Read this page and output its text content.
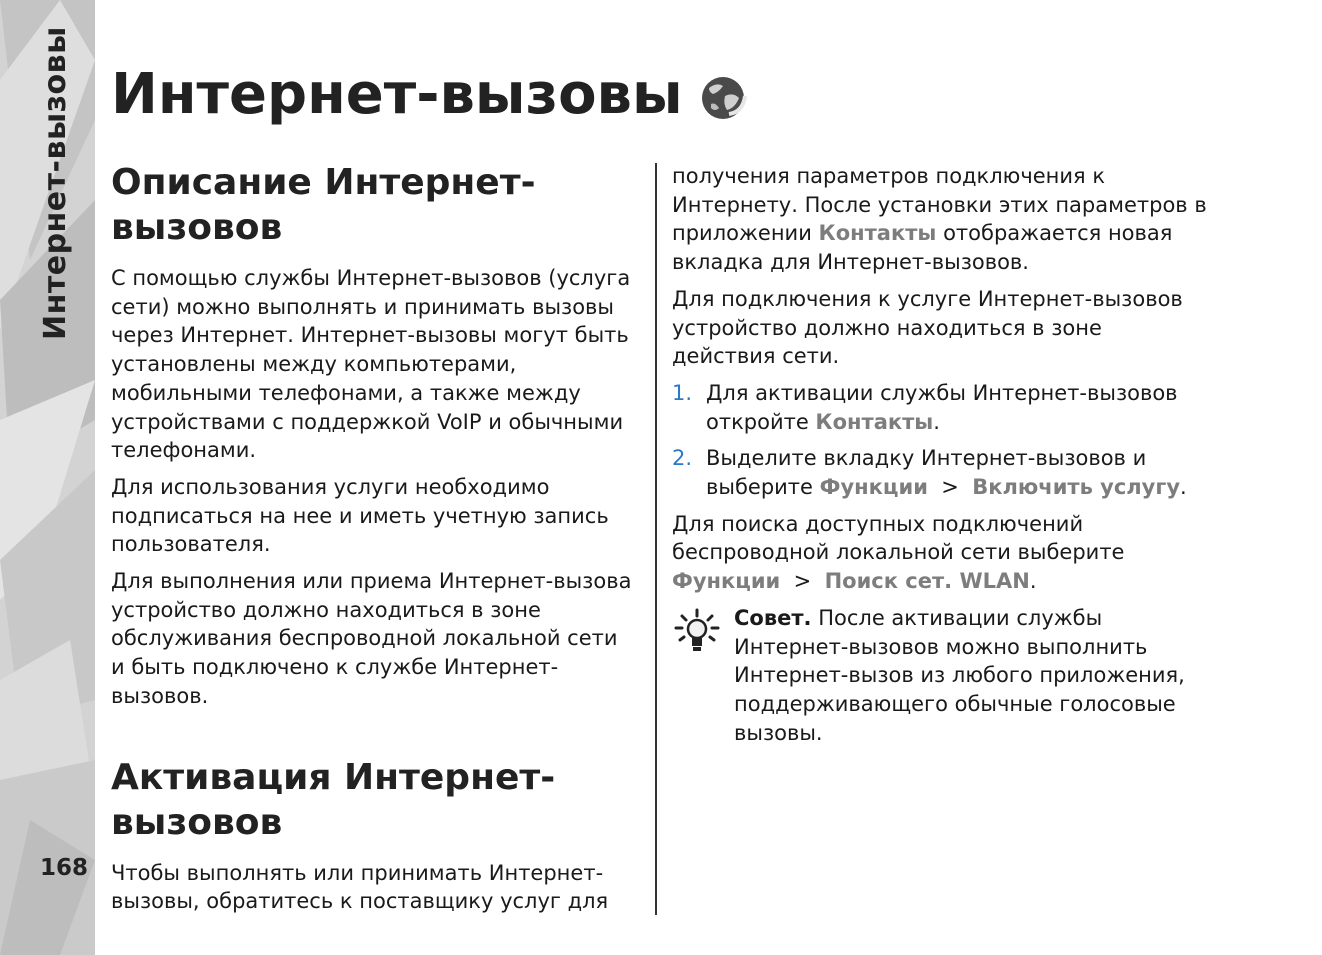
Интернет-вызовы
168
Интернет-вызовы
Описание Интернет-вызовов

С помощью службы Интернет-вызовов (услуга сети) можно выполнять и принимать вызовы через Интернет. Интернет-вызовы могут быть установлены между компьютерами, мобильными телефонами, а также между устройствами с поддержкой VoIP и обычными телефонами.

Для использования услуги необходимо подписаться на нее и иметь учетную запись пользователя.

Для выполнения или приема Интернет-вызова устройство должно находиться в зоне обслуживания беспроводной локальной сети и быть подключено к службе Интернет-вызовов.

Активация Интернет-вызовов

Чтобы выполнять или принимать Интернет-вызовы, обратитесь к поставщику услуг для

получения параметров подключения к Интернету. После установки этих параметров в приложении Контакты отображается новая вкладка для Интернет-вызовов.

Для подключения к услуге Интернет-вызовов устройство должно находиться в зоне действия сети.

1. Для активации службы Интернет-вызовов откройте Контакты.
2. Выделите вкладку Интернет-вызовов и выберите Функции  >  Включить услугу.

Для поиска доступных подключений беспроводной локальной сети выберите Функции  >  Поиск сет. WLAN.

Совет. После активации службы Интернет-вызовов можно выполнить Интернет-вызов из любого приложения, поддерживающего обычные голосовые вызовы.
